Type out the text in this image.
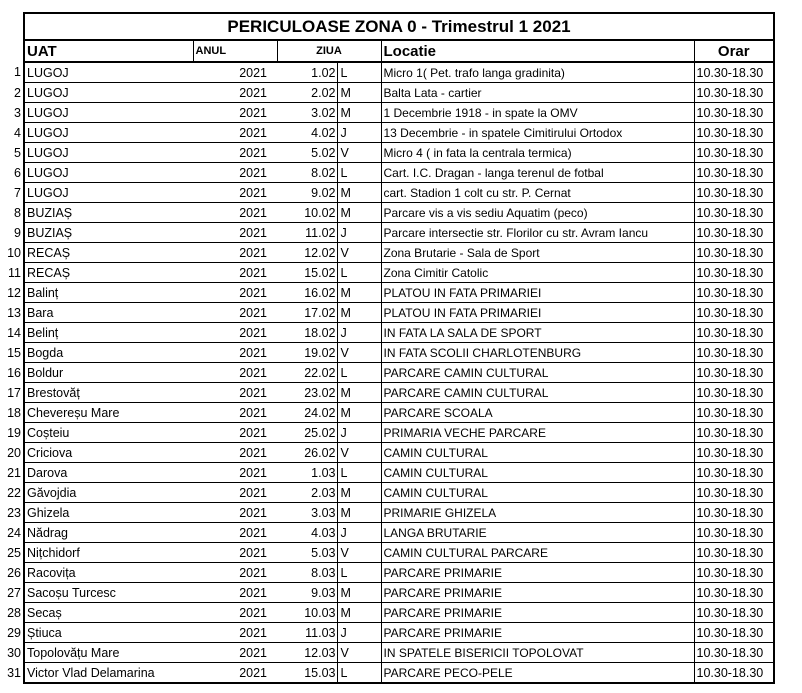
	PERICULOASE ZONA 0 - Trimestrul 1 2021					
	UAT	ANUL	ZIUA		Locatie	Orar
1	LUGOJ	2021	1.02	L	Micro 1( Pet. trafo langa gradinita)	10.30-18.30
2	LUGOJ	2021	2.02	M	Balta Lata - cartier	10.30-18.30
3	LUGOJ	2021	3.02	M	1 Decembrie 1918 - in spate la OMV	10.30-18.30
4	LUGOJ	2021	4.02	J	13 Decembrie - in spatele Cimitirului Ortodox	10.30-18.30
5	LUGOJ	2021	5.02	V	Micro 4 ( in fata la centrala termica)	10.30-18.30
6	LUGOJ	2021	8.02	L	Cart. I.C. Dragan - langa terenul de fotbal	10.30-18.30
7	LUGOJ	2021	9.02	M	cart. Stadion 1 colt cu str. P. Cernat	10.30-18.30
8	BUZIAȘ	2021	10.02	M	Parcare vis a vis sediu Aquatim (peco)	10.30-18.30
9	BUZIAȘ	2021	11.02	J	Parcare intersectie str. Florilor cu str. Avram Iancu	10.30-18.30
10	RECAȘ	2021	12.02	V	Zona Brutarie - Sala de Sport	10.30-18.30
11	RECAȘ	2021	15.02	L	Zona Cimitir Catolic	10.30-18.30
12	Balinț	2021	16.02	M	PLATOU IN FATA PRIMARIEI	10.30-18.30
13	Bara	2021	17.02	M	PLATOU IN FATA PRIMARIEI	10.30-18.30
14	Belinț	2021	18.02	J	IN FATA LA SALA DE SPORT	10.30-18.30
15	Bogda	2021	19.02	V	IN FATA SCOLII CHARLOTENBURG	10.30-18.30
16	Boldur	2021	22.02	L	PARCARE CAMIN CULTURAL	10.30-18.30
17	Brestovăț	2021	23.02	M	PARCARE CAMIN CULTURAL	10.30-18.30
18	Chevereșu Mare	2021	24.02	M	PARCARE SCOALA	10.30-18.30
19	Coșteiu	2021	25.02	J	PRIMARIA VECHE PARCARE	10.30-18.30
20	Criciova	2021	26.02	V	CAMIN CULTURAL	10.30-18.30
21	Darova	2021	1.03	L	CAMIN CULTURAL	10.30-18.30
22	Găvojdia	2021	2.03	M	CAMIN CULTURAL	10.30-18.30
23	Ghizela	2021	3.03	M	PRIMARIE GHIZELA	10.30-18.30
24	Nădrag	2021	4.03	J	LANGA BRUTARIE	10.30-18.30
25	Nițchidorf	2021	5.03	V	CAMIN CULTURAL PARCARE	10.30-18.30
26	Racovița	2021	8.03	L	PARCARE PRIMARIE	10.30-18.30
27	Sacoșu Turcesc	2021	9.03	M	PARCARE PRIMARIE	10.30-18.30
28	Secaș	2021	10.03	M	PARCARE PRIMARIE	10.30-18.30
29	Știuca	2021	11.03	J	PARCARE PRIMARIE	10.30-18.30
30	Topolovățu Mare	2021	12.03	V	IN SPATELE BISERICII TOPOLOVAT	10.30-18.30
31	Victor Vlad Delamarina	2021	15.03	L	PARCARE PECO-PELE	10.30-18.30
